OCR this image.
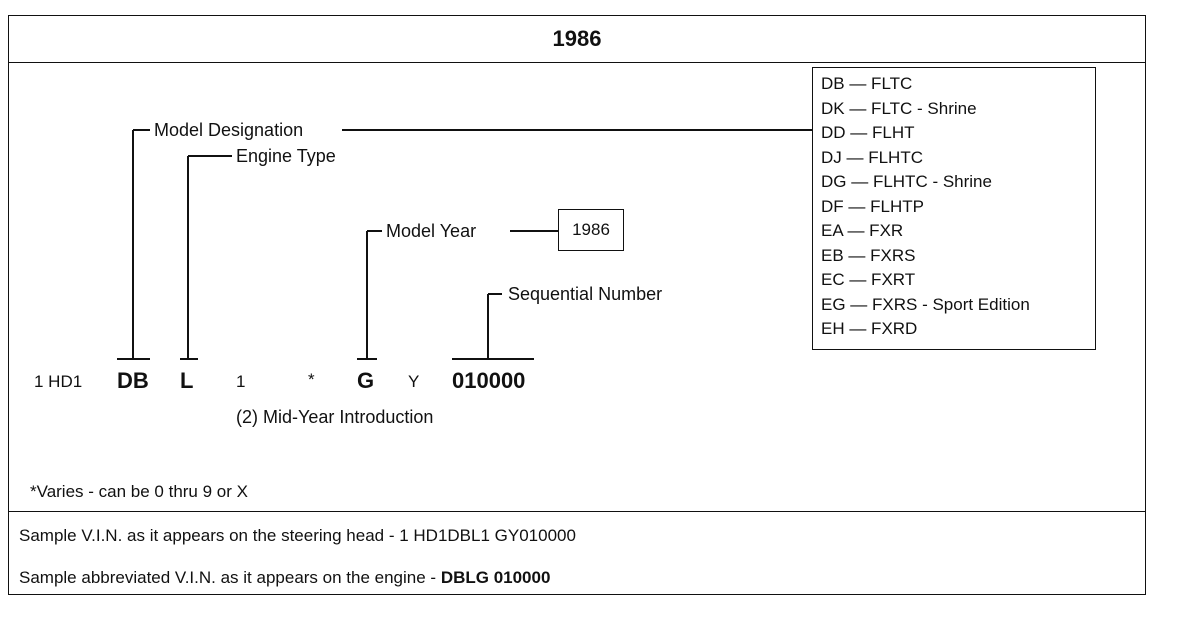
1986
Sample V.I.N. as it appears on the steering head - 1 HD1DBL1 GY010000
Sample abbreviated V.I.N. as it appears on the engine - DBLG 010000
Model Designation
Engine Type
Model Year
Sequential Number
1986
DB — FLTC
DK — FLTC - Shrine
DD — FLHT
DJ — FLHTC
DG — FLHTC - Shrine
DF — FLHTP
EA — FXR
EB — FXRS
EC — FXRT
EG — FXRS - Sport Edition
EH — FXRD
1 HD1 DB L	1	* G Y 010000
(2) Mid-Year Introduction
*Varies - can be 0 thru 9 or X
